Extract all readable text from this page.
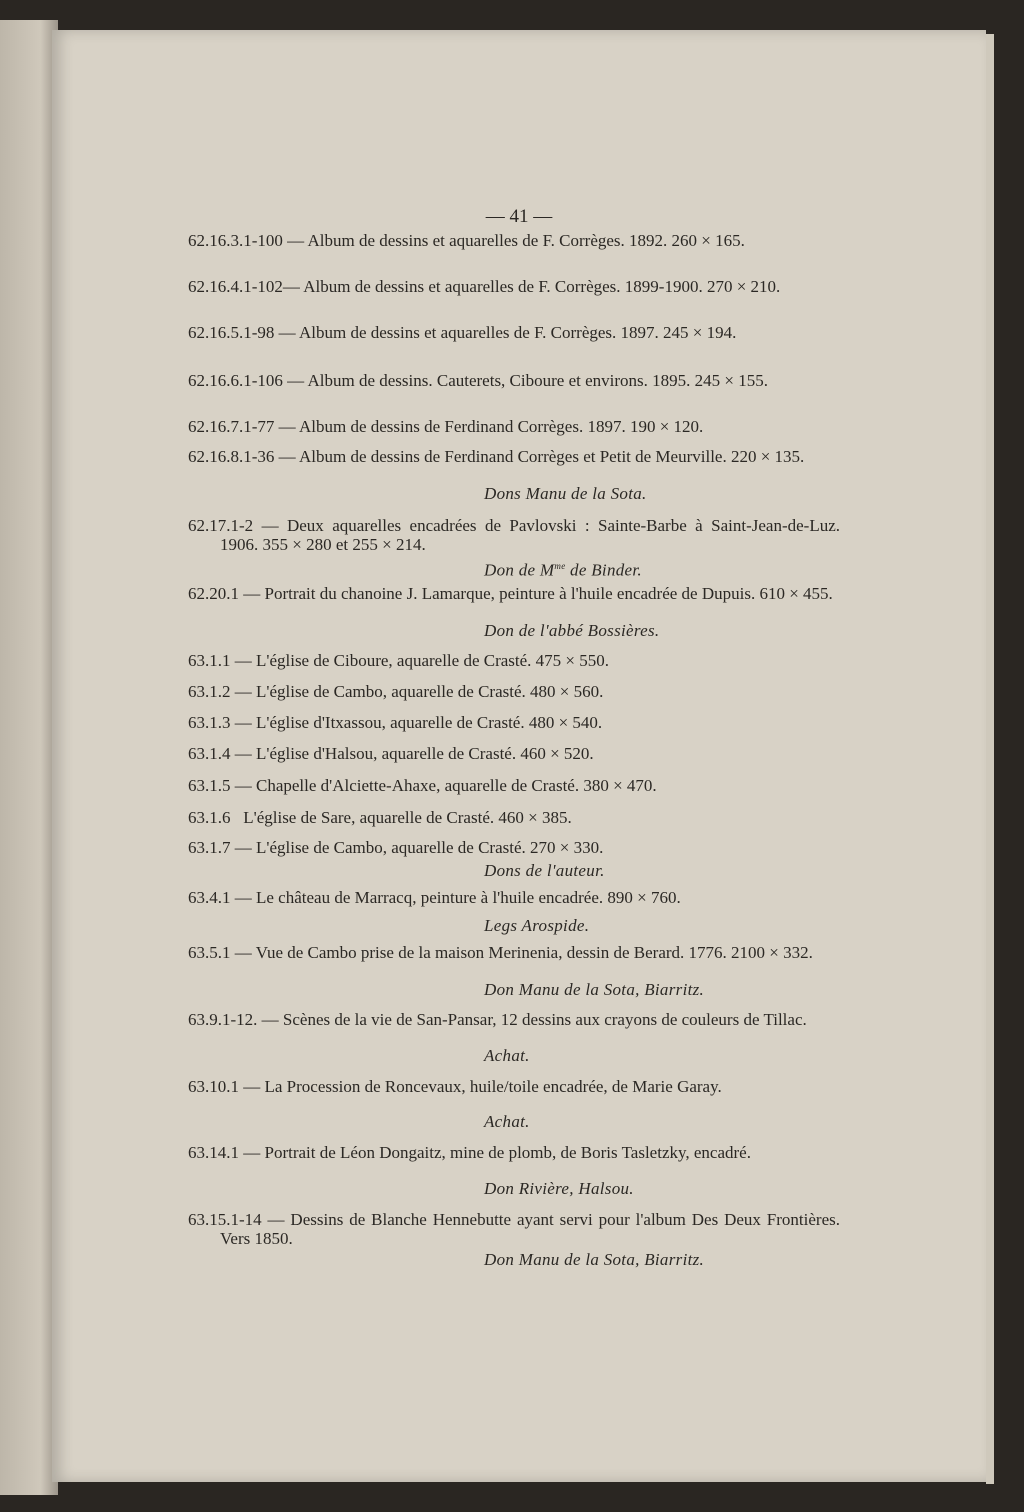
— 41 —
62.16.3.1-100 — Album de dessins et aquarelles de F. Corrèges. 1892. 260 × 165.
62.16.4.1-102— Album de dessins et aquarelles de F. Corrèges. 1899-1900. 270 × 210.
62.16.5.1-98 — Album de dessins et aquarelles de F. Corrèges. 1897. 245 × 194.
62.16.6.1-106 — Album de dessins. Cauterets, Ciboure et environs. 1895. 245 × 155.
62.16.7.1-77 — Album de dessins de Ferdinand Corrèges. 1897. 190 × 120.
62.16.8.1-36 — Album de dessins de Ferdinand Corrèges et Petit de Meurville. 220 × 135.
Dons Manu de la Sota.
62.17.1-2 — Deux aquarelles encadrées de Pavlovski : Sainte-Barbe à Saint-Jean-de-Luz. 1906. 355 × 280 et 255 × 214.
Don de $M^{me}$ de Binder.
62.20.1 — Portrait du chanoine J. Lamarque, peinture à l'huile encadrée de Dupuis. 610 × 455.
Don de l'abbé Bossières.
63.1.1 — L'église de Ciboure, aquarelle de Crasté. 475 × 550.
63.1.2 — L'église de Cambo, aquarelle de Crasté. 480 × 560.
63.1.3 — L'église d'Itxassou, aquarelle de Crasté. 480 × 540.
63.1.4 — L'église d'Halsou, aquarelle de Crasté. 460 × 520.
63.1.5 — Chapelle d'Alciette-Ahaxe, aquarelle de Crasté. 380 × 470.
63.1.6   L'église de Sare, aquarelle de Crasté. 460 × 385.
63.1.7 — L'église de Cambo, aquarelle de Crasté. 270 × 330.
Dons de l'auteur.
63.4.1 — Le château de Marracq, peinture à l'huile encadrée. 890 × 760.
Legs Arospide.
63.5.1 — Vue de Cambo prise de la maison Merinenia, dessin de Berard. 1776. 2100 × 332.
Don Manu de la Sota, Biarritz.
63.9.1-12. — Scènes de la vie de San-Pansar, 12 dessins aux crayons de couleurs de Tillac.
Achat.
63.10.1 — La Procession de Roncevaux, huile/toile encadrée, de Marie Garay.
Achat.
63.14.1 — Portrait de Léon Dongaitz, mine de plomb, de Boris Tasletzky, encadré.
Don Rivière, Halsou.
63.15.1-14 — Dessins de Blanche Hennebutte ayant servi pour l'album Des Deux Frontières. Vers 1850.
Don Manu de la Sota, Biarritz.
